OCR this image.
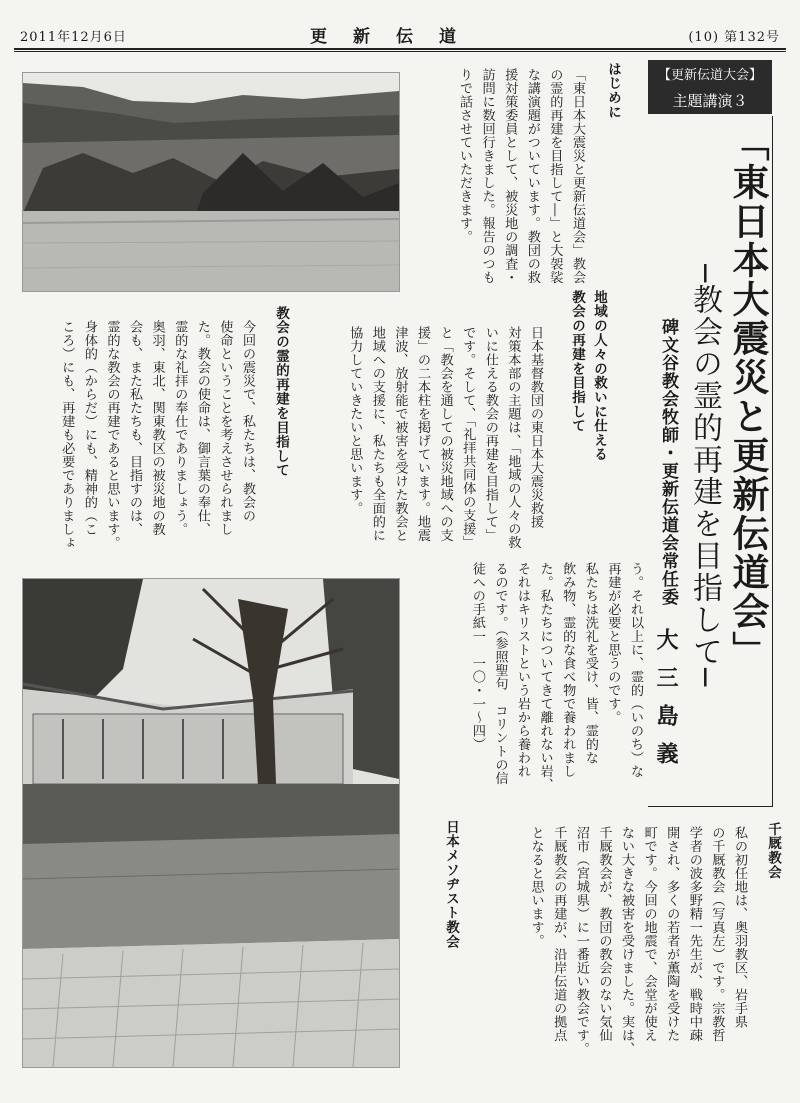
2011年12月6日	更新伝道	(10) 第132号
【更新伝道大会】
主題講演３
「東日本大震災と更新伝道会」
─教会の霊的再建を目指して─
碑文谷教会牧師・更新伝道会常任委
大三島義
はじめに
「東日本大震災と更新伝道会」教会
の霊的再建を目指して―」と大袈裟
な講演題がついています。教団の救
援対策委員として、被災地の調査・
訪問に数回行きました。報告のつも
りで話させていただきます。
地域の人々の救いに仕える
教会の再建を目指して
日本基督教団の東日本大震災救援
対策本部の主題は、「地域の人々の救
いに仕える教会の再建を目指して」
です。そして、「礼拝共同体の支援」
と「教会を通しての被災地域への支
援」の二本柱を掲げています。地震
津波、放射能で被害を受けた教会と
地域への支援に、私たちも全面的に
協力していきたいと思います。
教会の霊的再建を目指して
今回の震災で、私たちは、教会の
使命ということを考えさせられまし
た。教会の使命は、御言葉の奉仕、
霊的な礼拝の奉仕でありましょう。
奥羽、東北、関東教区の被災地の教
会も、また私たちも、目指すのは、
霊的な教会の再建であると思います。
身体的（からだ）にも、精神的（こ
ころ）にも、再建も必要でありましょ
う。それ以上に、霊的（いのち）な
再建が必要と思うのです。
私たちは洗礼を受け、皆、霊的な
飲み物、霊的な食べ物で養われまし
た。私たちについてきて離れない岩、
それはキリストという岩から養われ
るのです。（参照聖句　コリントの信
徒への手紙一　一〇・一～四）
日本メソヂスト教会	千厩教会
私の初任地は、奥羽教区、岩手県
の千厩教会（写真左）です。宗教哲
学者の波多野精一先生が、戦時中疎
開され、多くの若者が薫陶を受けた
町です。今回の地震で、会堂が使え
ない大きな被害を受けました。実は、
千厩教会が、教団の教会のない気仙
沼市（宮城県）に一番近い教会です。
千厩教会の再建が、沿岸伝道の拠点
となると思います。
